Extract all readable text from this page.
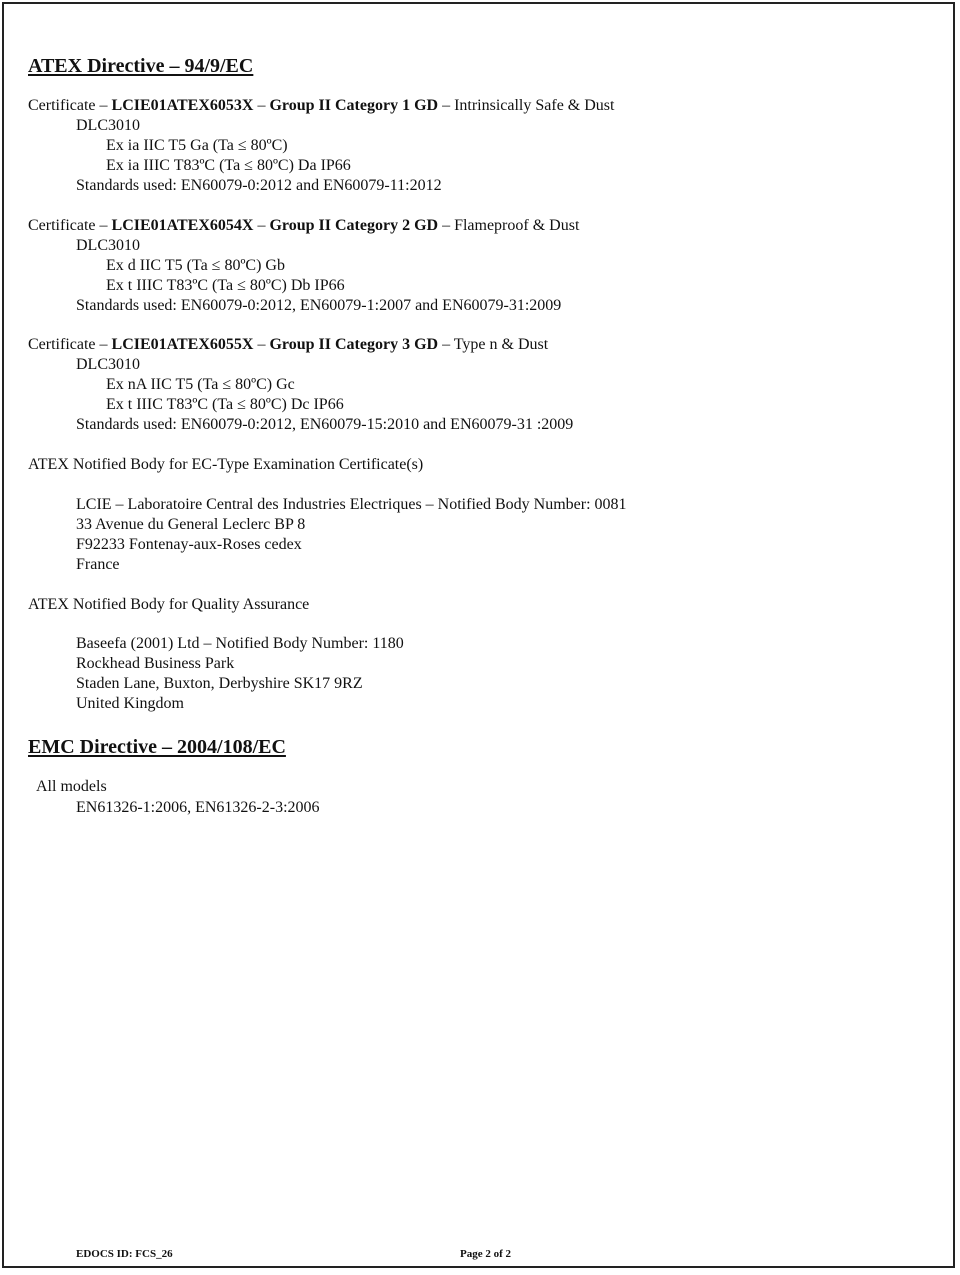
ATEX Directive – 94/9/EC
Certificate – LCIE01ATEX6053X – Group II Category 1 GD – Intrinsically Safe & Dust
DLC3010
Ex ia IIC T5 Ga (Ta ≤ 80ºC)
Ex ia IIIC T83ºC (Ta ≤ 80ºC) Da IP66
Standards used: EN60079-0:2012 and EN60079-11:2012
Certificate – LCIE01ATEX6054X – Group II Category 2 GD – Flameproof & Dust
DLC3010
Ex d IIC T5 (Ta ≤ 80ºC) Gb
Ex t IIIC T83ºC (Ta ≤ 80ºC) Db IP66
Standards used: EN60079-0:2012, EN60079-1:2007 and EN60079-31:2009
Certificate – LCIE01ATEX6055X – Group II Category 3 GD – Type n & Dust
DLC3010
Ex nA IIC T5 (Ta ≤ 80ºC) Gc
Ex t IIIC T83ºC (Ta ≤ 80ºC) Dc IP66
Standards used: EN60079-0:2012, EN60079-15:2010 and EN60079-31 :2009
ATEX Notified Body for EC-Type Examination Certificate(s)
LCIE – Laboratoire Central des Industries Electriques – Notified Body Number: 0081
33 Avenue du General Leclerc BP 8
F92233 Fontenay-aux-Roses cedex
France
ATEX Notified Body for Quality Assurance
Baseefa (2001) Ltd – Notified Body Number: 1180
Rockhead Business Park
Staden Lane, Buxton, Derbyshire SK17 9RZ
United Kingdom
EMC Directive – 2004/108/EC
All models
EN61326-1:2006, EN61326-2-3:2006
EDOCS ID: FCS_26	Page 2 of 2
